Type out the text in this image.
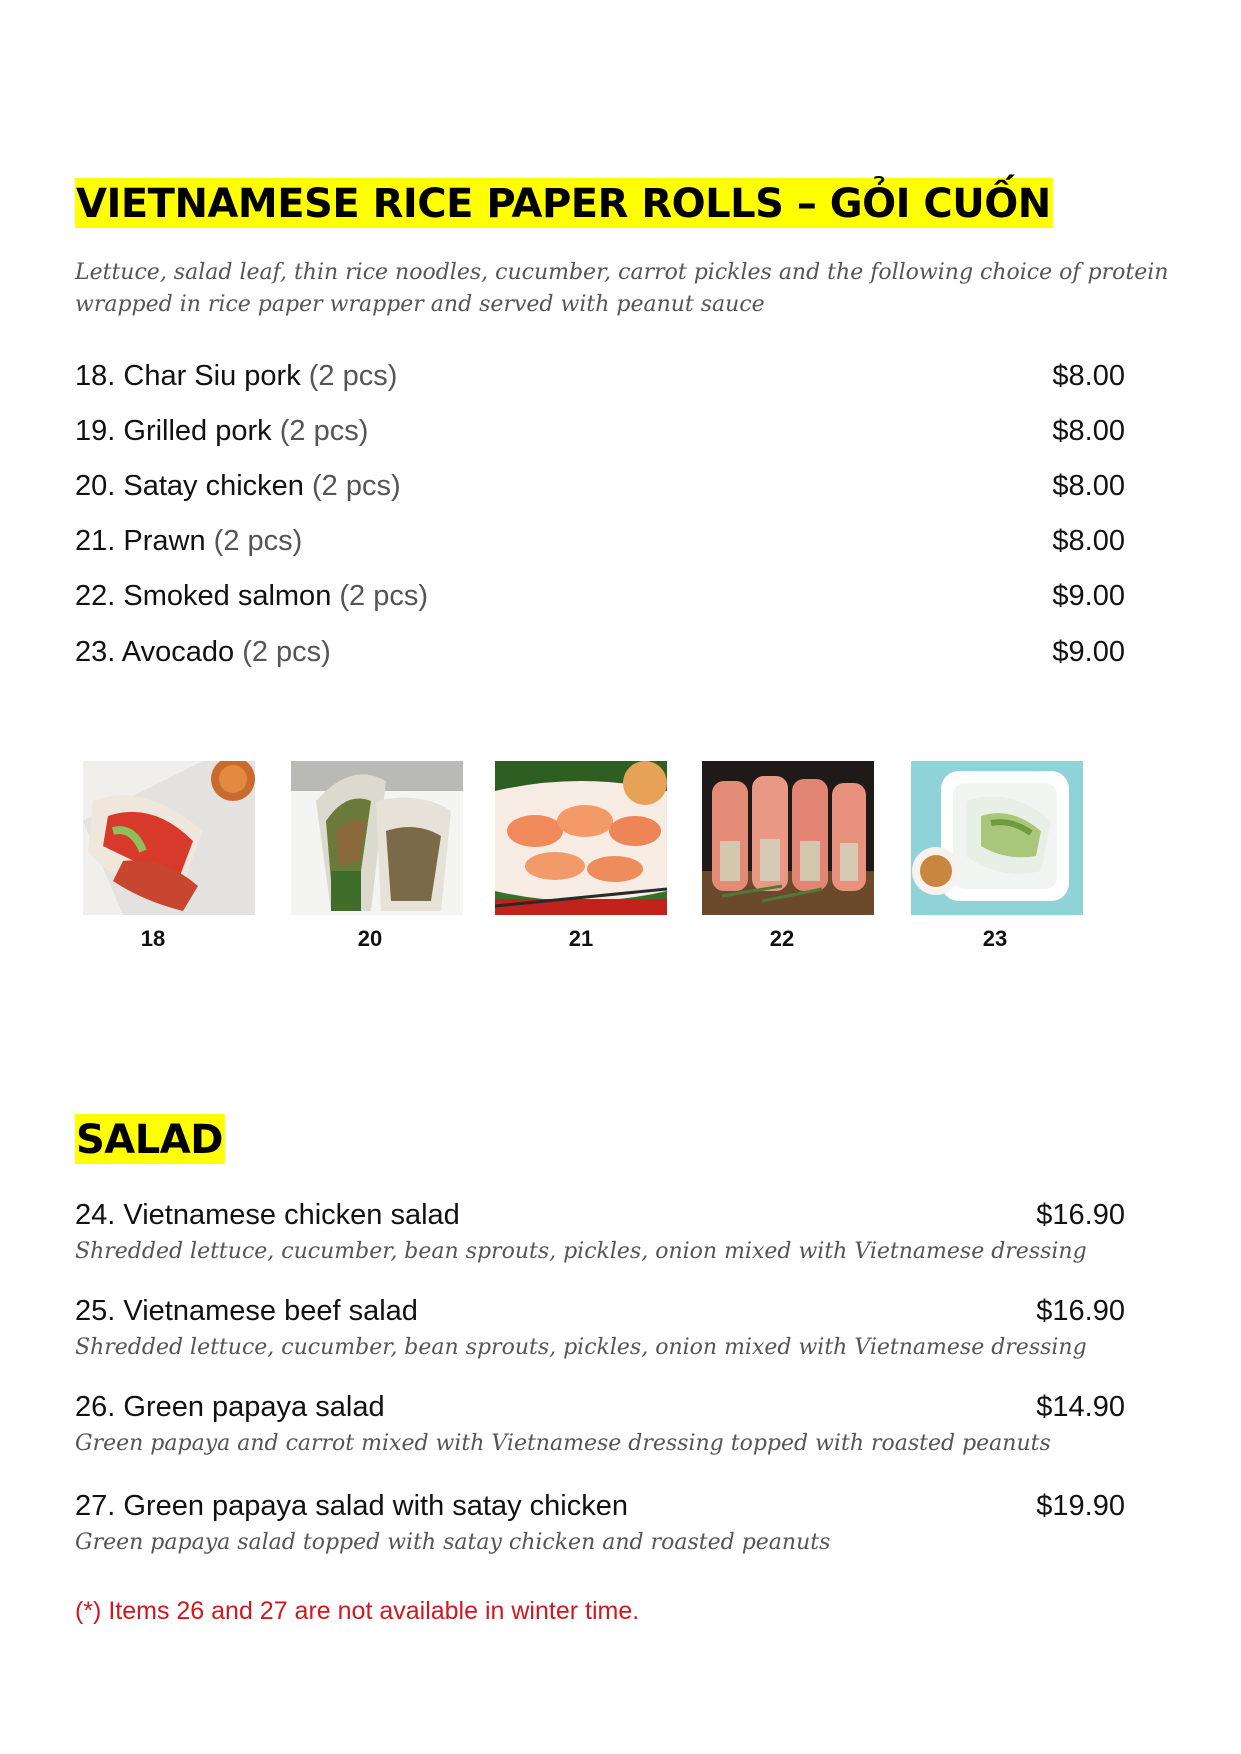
VIETNAMESE RICE PAPER ROLLS – GỎI CUỐN
Lettuce, salad leaf, thin rice noodles, cucumber, carrot pickles and the following choice of protein wrapped in rice paper wrapper and served with peanut sauce
18. Char Siu pork (2 pcs)	$8.00
19. Grilled pork (2 pcs)	$8.00
20. Satay chicken (2 pcs)	$8.00
21. Prawn (2 pcs)	$8.00
22. Smoked salmon (2 pcs)	$9.00
23. Avocado (2 pcs)	$9.00
18	20	21	22	23
SALAD
24. Vietnamese chicken salad	$16.90
Shredded lettuce, cucumber, bean sprouts, pickles, onion mixed with Vietnamese dressing
25. Vietnamese beef salad	$16.90
Shredded lettuce, cucumber, bean sprouts, pickles, onion mixed with Vietnamese dressing
26. Green papaya salad	$14.90
Green papaya and carrot mixed with Vietnamese dressing topped with roasted peanuts
27. Green papaya salad with satay chicken	$19.90
Green papaya salad topped with satay chicken and roasted peanuts
(*) Items 26 and 27 are not available in winter time.
